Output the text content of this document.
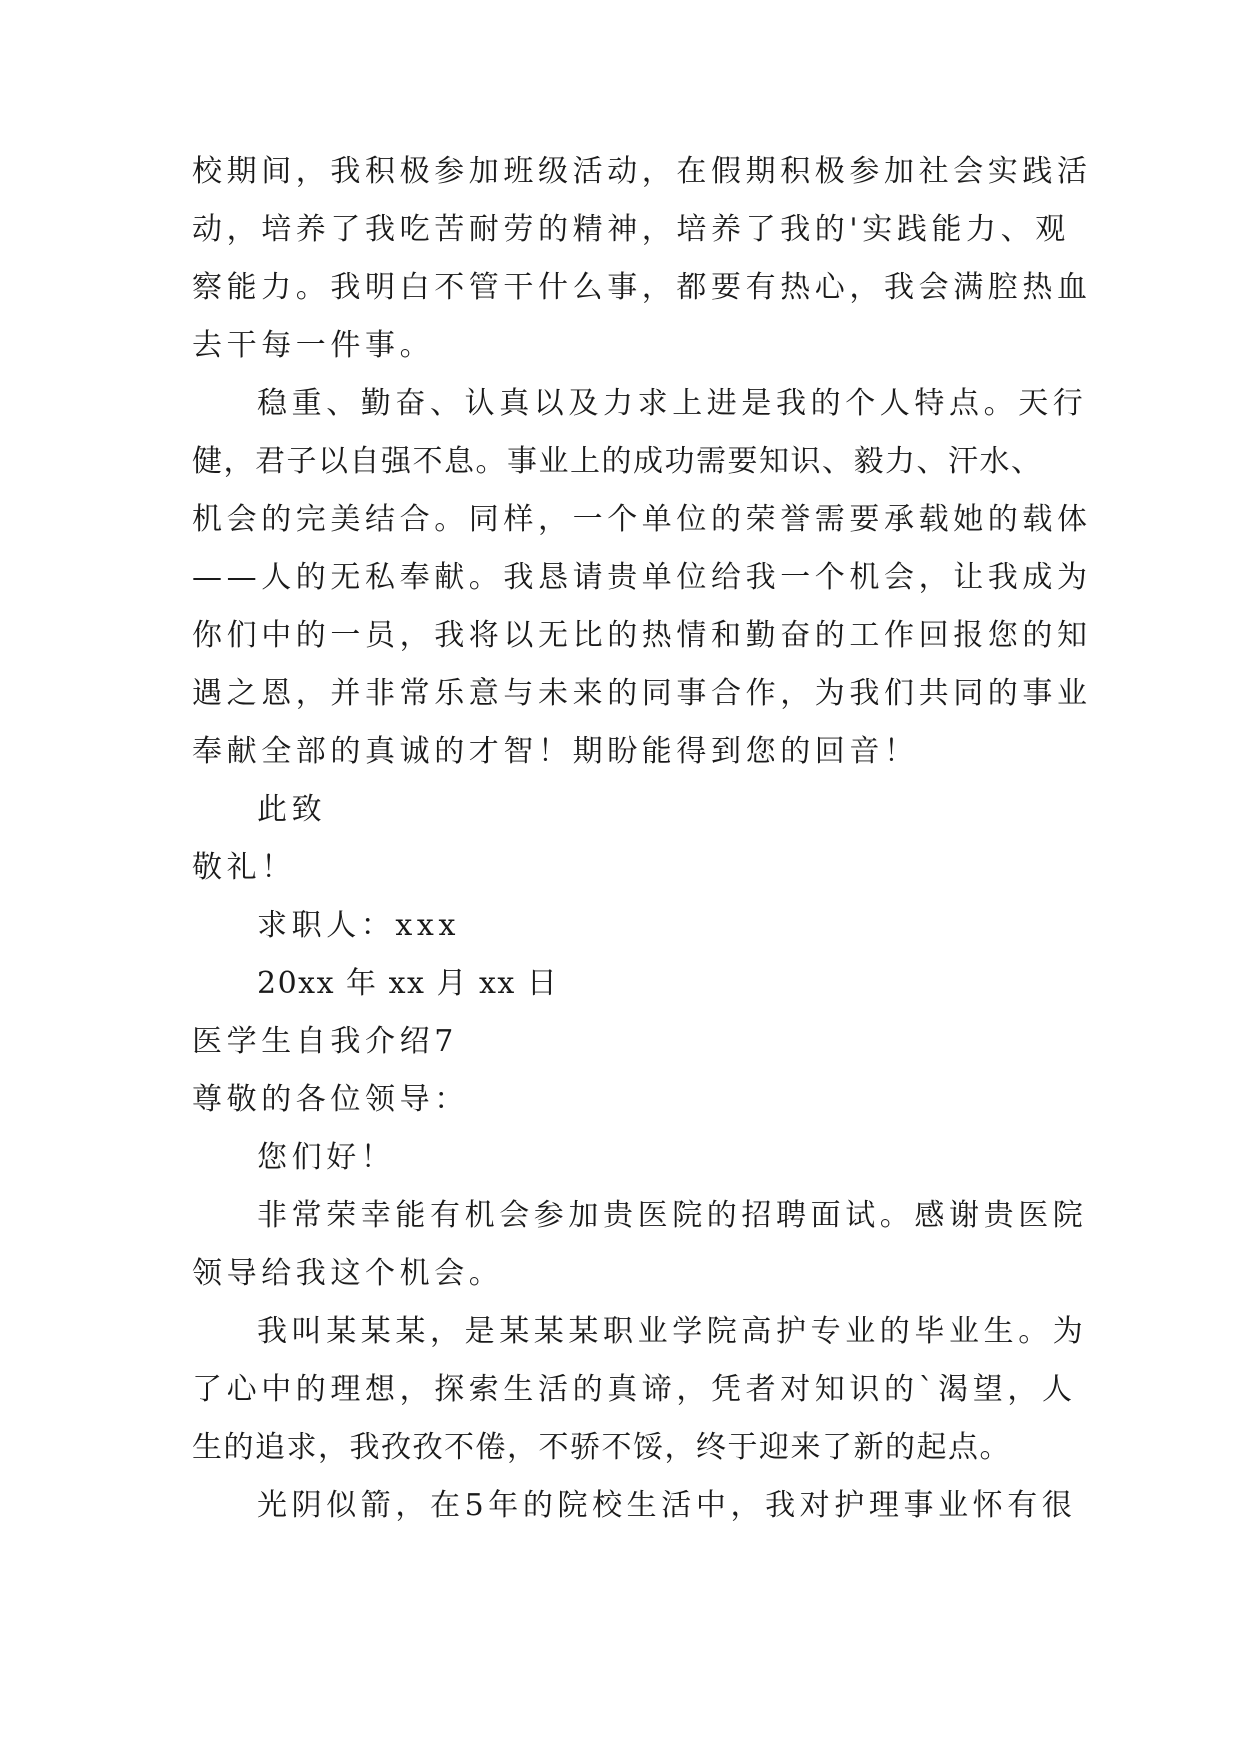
校期间，我积极参加班级活动，在假期积极参加社会实践活
动，培养了我吃苦耐劳的精神，培养了我的'实践能力、观
察能力。我明白不管干什么事，都要有热心，我会满腔热血
去干每一件事。
稳重、勤奋、认真以及力求上进是我的个人特点。天行
健，君子以自强不息。事业上的成功需要知识、毅力、汗水、
机会的完美结合。同样，一个单位的荣誉需要承载她的载体
——人的无私奉献。我恳请贵单位给我一个机会，让我成为
你们中的一员，我将以无比的热情和勤奋的工作回报您的知
遇之恩，并非常乐意与未来的同事合作，为我们共同的事业
奉献全部的真诚的才智！期盼能得到您的回音！
此致
敬礼！
求职人：xxx
20xx 年 xx 月 xx 日
医学生自我介绍7
尊敬的各位领导：
您们好！
非常荣幸能有机会参加贵医院的招聘面试。感谢贵医院
领导给我这个机会。
我叫某某某，是某某某职业学院高护专业的毕业生。为
了心中的理想，探索生活的真谛，凭者对知识的`渴望，人
生的追求，我孜孜不倦，不骄不馁，终于迎来了新的起点。
光阴似箭，在5年的院校生活中，我对护理事业怀有很
